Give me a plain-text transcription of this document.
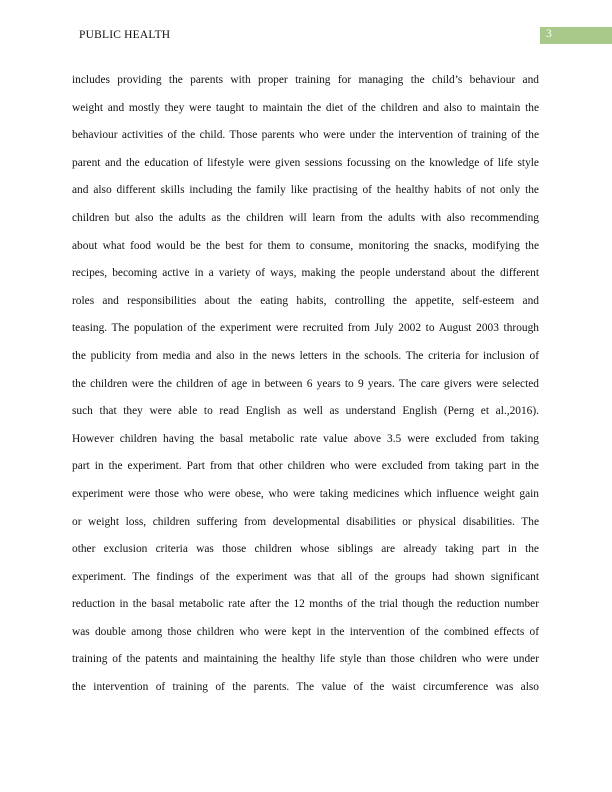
PUBLIC HEALTH	3
includes providing the parents with proper training for managing the child’s behaviour and
weight and mostly they were taught to maintain the diet of the children and also to maintain the
behaviour activities of the child. Those parents who were under the intervention of training of the
parent and the education of lifestyle were given sessions focussing on the knowledge of life style
and also different skills including the family like practising of the healthy habits of not only the
children but also the adults as the children will learn from the adults with also recommending
about what food would be the best for them to consume, monitoring the snacks, modifying the
recipes, becoming active in a variety of ways, making the people understand about the different
roles and responsibilities about the eating habits, controlling the appetite, self-esteem and
teasing. The population of the experiment were recruited from July 2002 to August 2003 through
the publicity from media and also in the news letters in the schools. The criteria for inclusion of
the children were the children of age in between 6 years to 9 years. The care givers were selected
such that they were able to read English as well as understand English (Perng et al.,2016).
However children having the basal metabolic rate value above 3.5 were excluded from taking
part in the experiment. Part from that other children who were excluded from taking part in the
experiment were those who were obese, who were taking medicines which influence weight gain
or weight loss, children suffering from developmental disabilities or physical disabilities. The
other exclusion criteria was those children whose siblings are already taking part in the
experiment. The findings of the experiment was that all of the groups had shown significant
reduction in the basal metabolic rate after the 12 months of the trial though the reduction number
was double among those children who were kept in the intervention of the combined effects of
training of the patents and maintaining the healthy life style than those children who were under
the intervention of training of the parents. The value of the waist circumference was also
